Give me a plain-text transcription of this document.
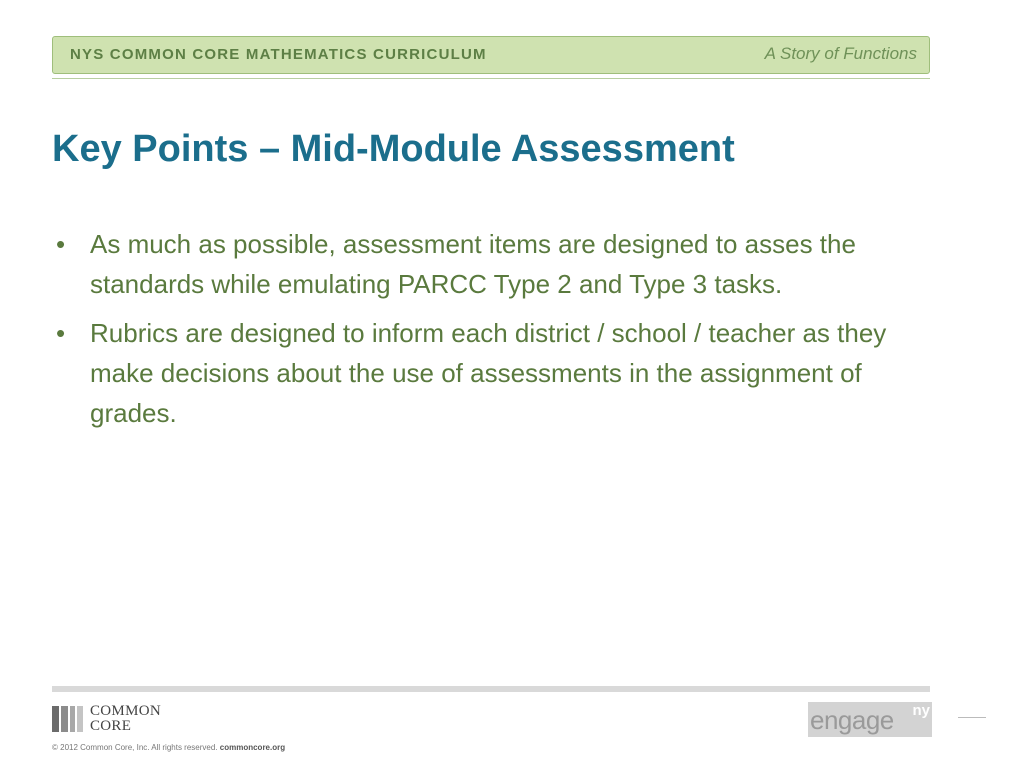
NYS COMMON CORE MATHEMATICS CURRICULUM	A Story of Functions
Key Points – Mid-Module Assessment
• As much as possible, assessment items are designed to asses the standards while emulating PARCC Type 2 and Type 3 tasks.
• Rubrics are designed to inform each district / school / teacher as they make decisions about the use of assessments in the assignment of grades.
COMMON
CORE
© 2012 Common Core, Inc. All rights reserved. commoncore.org
engage ny
